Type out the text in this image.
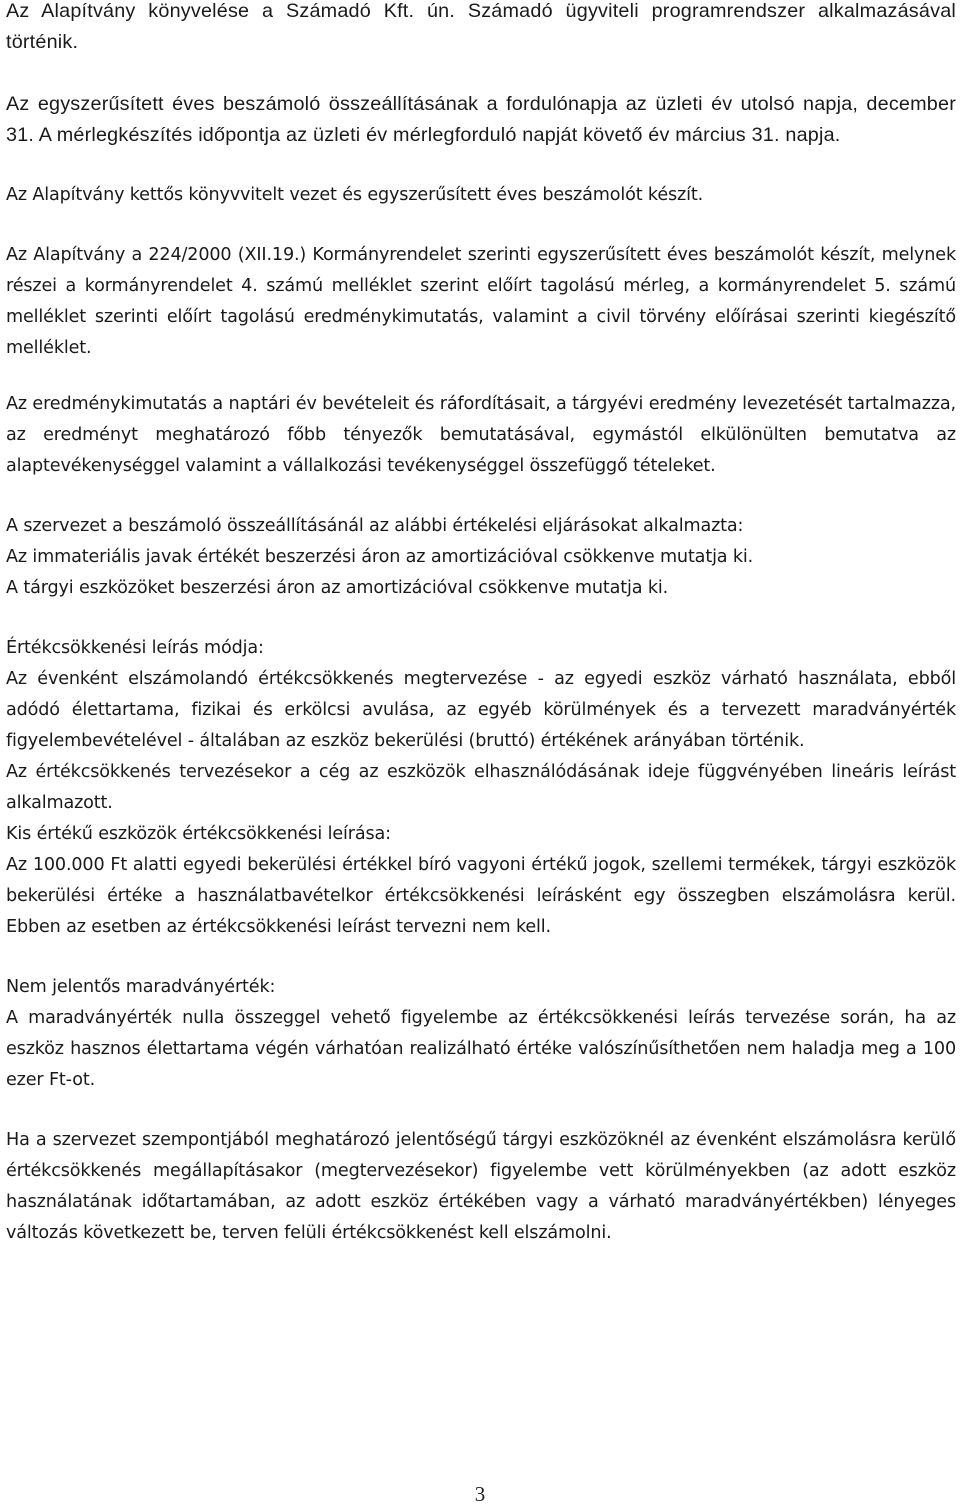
Az Alapítvány könyvelése a Számadó Kft. ún. Számadó ügyviteli programrendszer alkalmazásával történik.

Az egyszerűsített éves beszámoló összeállításának a fordulónapja az üzleti év utolsó napja, december 31. A mérlegkészítés időpontja az üzleti év mérlegforduló napját követő év március 31. napja.

Az Alapítvány kettős könyvvitelt vezet és egyszerűsített éves beszámolót készít.

Az Alapítvány a 224/2000 (XII.19.) Kormányrendelet szerinti egyszerűsített éves beszámolót készít, melynek részei a kormányrendelet 4. számú melléklet szerint előírt tagolású mérleg, a kormányrendelet 5. számú melléklet szerinti előírt tagolású eredménykimutatás, valamint a civil törvény előírásai szerinti kiegészítő melléklet.

Az eredménykimutatás a naptári év bevételeit és ráfordításait, a tárgyévi eredmény levezetését tartalmazza, az eredményt meghatározó főbb tényezők bemutatásával, egymástól elkülönülten bemutatva az alaptevékenységgel valamint a vállalkozási tevékenységgel összefüggő tételeket.

A szervezet a beszámoló összeállításánál az alábbi értékelési eljárásokat alkalmazta:

Az immateriális javak értékét beszerzési áron az amortizációval csökkenve mutatja ki.

A tárgyi eszközöket beszerzési áron az amortizációval csökkenve mutatja ki.

Értékcsökkenési leírás módja:

Az évenként elszámolandó értékcsökkenés megtervezése - az egyedi eszköz várható használata, ebből adódó élettartama, fizikai és erkölcsi avulása, az egyéb körülmények és a tervezett maradványérték figyelembevételével - általában az eszköz bekerülési (bruttó) értékének arányában történik.

Az értékcsökkenés tervezésekor a cég az eszközök elhasználódásának ideje függvényében lineáris leírást alkalmazott.

Kis értékű eszközök értékcsökkenési leírása:

Az 100.000 Ft alatti egyedi bekerülési értékkel bíró vagyoni értékű jogok, szellemi termékek, tárgyi eszközök bekerülési értéke a használatbavételkor értékcsökkenési leírásként egy összegben elszámolásra kerül. Ebben az esetben az értékcsökkenési leírást tervezni nem kell.

Nem jelentős maradványérték:

A maradványérték nulla összeggel vehető figyelembe az értékcsökkenési leírás tervezése során, ha az eszköz hasznos élettartama végén várhatóan realizálható értéke valószínűsíthetően nem haladja meg a 100 ezer Ft-ot.

Ha a szervezet szempontjából meghatározó jelentőségű tárgyi eszközöknél az évenként elszámolásra kerülő értékcsökkenés megállapításakor (megtervezésekor) figyelembe vett körülményekben (az adott eszköz használatának időtartamában, az adott eszköz értékében vagy a várható maradványértékben) lényeges változás következett be, terven felüli értékcsökkenést kell elszámolni.

3
